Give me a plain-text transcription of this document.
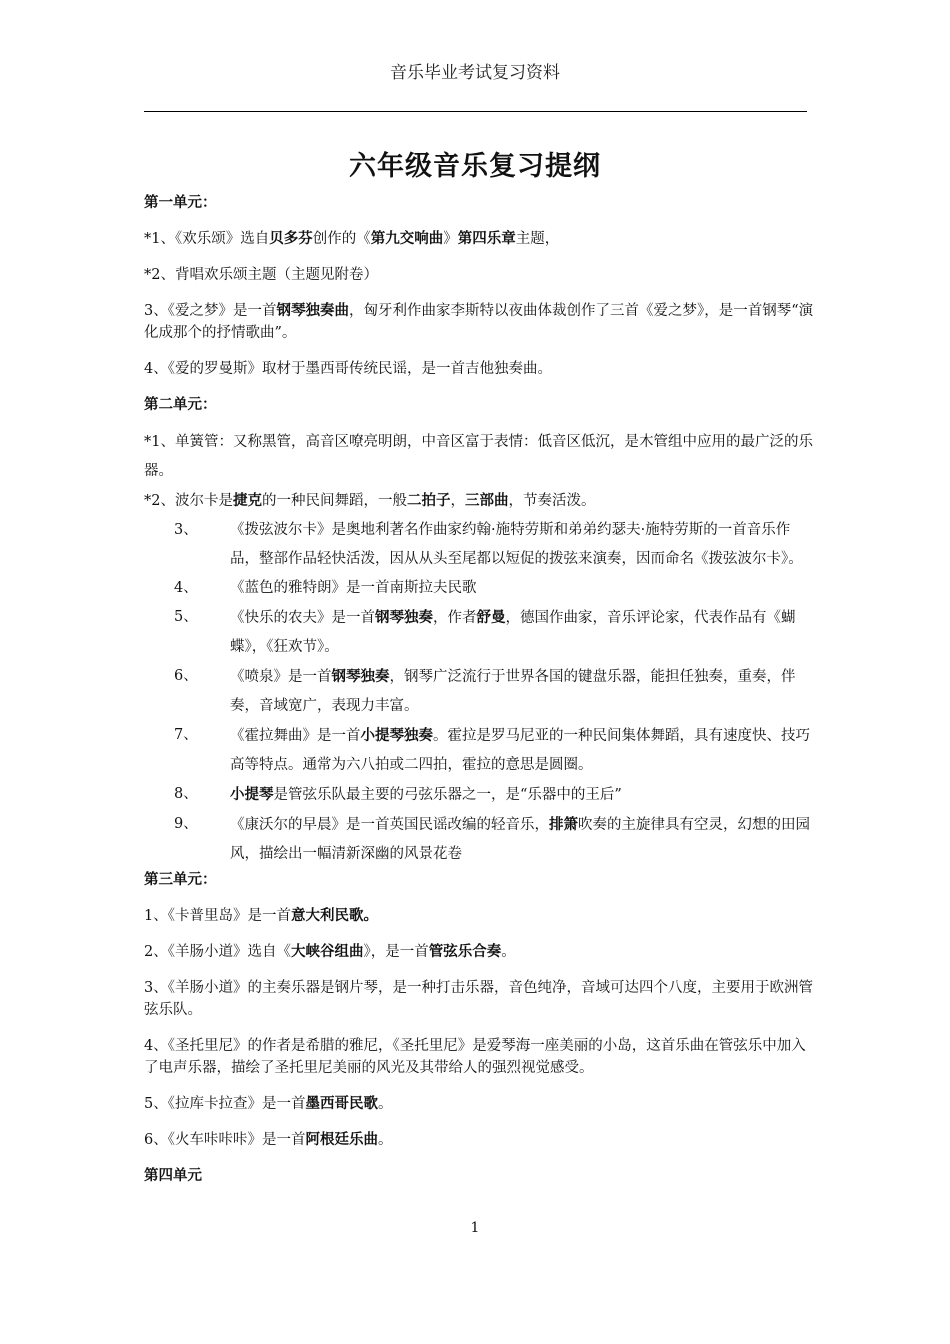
音乐毕业考试复习资料
六年级音乐复习提纲

第一单元：

*1、《欢乐颂》选自贝多芬创作的《第九交响曲》第四乐章主题，

*2、背唱欢乐颂主题（主题见附卷）

3、《爱之梦》是一首钢琴独奏曲，匈牙利作曲家李斯特以夜曲体裁创作了三首《爱之梦》，是一首钢琴“演化成那个的抒情歌曲”。

4、《爱的罗曼斯》取材于墨西哥传统民谣，是一首吉他独奏曲。

第二单元：

*1、单簧管：又称黑管，高音区嘹亮明朗，中音区富于表情：低音区低沉，是木管组中应用的最广泛的乐器。

*2、波尔卡是捷克的一种民间舞蹈，一般二拍子，三部曲，节奏活泼。

3、 《拨弦波尔卡》是奥地利著名作曲家约翰·施特劳斯和弟弟约瑟夫·施特劳斯的一首音乐作品，整部作品轻快活泼，因从从头至尾都以短促的拨弦来演奏，因而命名《拨弦波尔卡》。
4、 《蓝色的雅特朗》是一首南斯拉夫民歌
5、 《快乐的农夫》是一首钢琴独奏，作者舒曼，德国作曲家，音乐评论家，代表作品有《蝴蝶》，《狂欢节》。
6、 《喷泉》是一首钢琴独奏，钢琴广泛流行于世界各国的键盘乐器，能担任独奏，重奏，伴奏，音域宽广，表现力丰富。
7、 《霍拉舞曲》是一首小提琴独奏。霍拉是罗马尼亚的一种民间集体舞蹈，具有速度快、技巧高等特点。通常为六八拍或二四拍，霍拉的意思是圆圈。
8、 小提琴是管弦乐队最主要的弓弦乐器之一，是“乐器中的王后”
9、 《康沃尔的早晨》是一首英国民谣改编的轻音乐，排箫吹奏的主旋律具有空灵，幻想的田园风，描绘出一幅清新深幽的风景花卷

第三单元：

1、《卡普里岛》是一首意大利民歌。

2、《羊肠小道》选自《大峡谷组曲》，是一首管弦乐合奏。

3、《羊肠小道》的主奏乐器是钢片琴，是一种打击乐器，音色纯净，音域可达四个八度，主要用于欧洲管弦乐队。

4、《圣托里尼》的作者是希腊的雅尼，《圣托里尼》是爱琴海一座美丽的小岛，这首乐曲在管弦乐中加入了电声乐器，描绘了圣托里尼美丽的风光及其带给人的强烈视觉感受。

5、《拉库卡拉查》是一首墨西哥民歌。

6、《火车咔咔咔》是一首阿根廷乐曲。

第四单元

1
